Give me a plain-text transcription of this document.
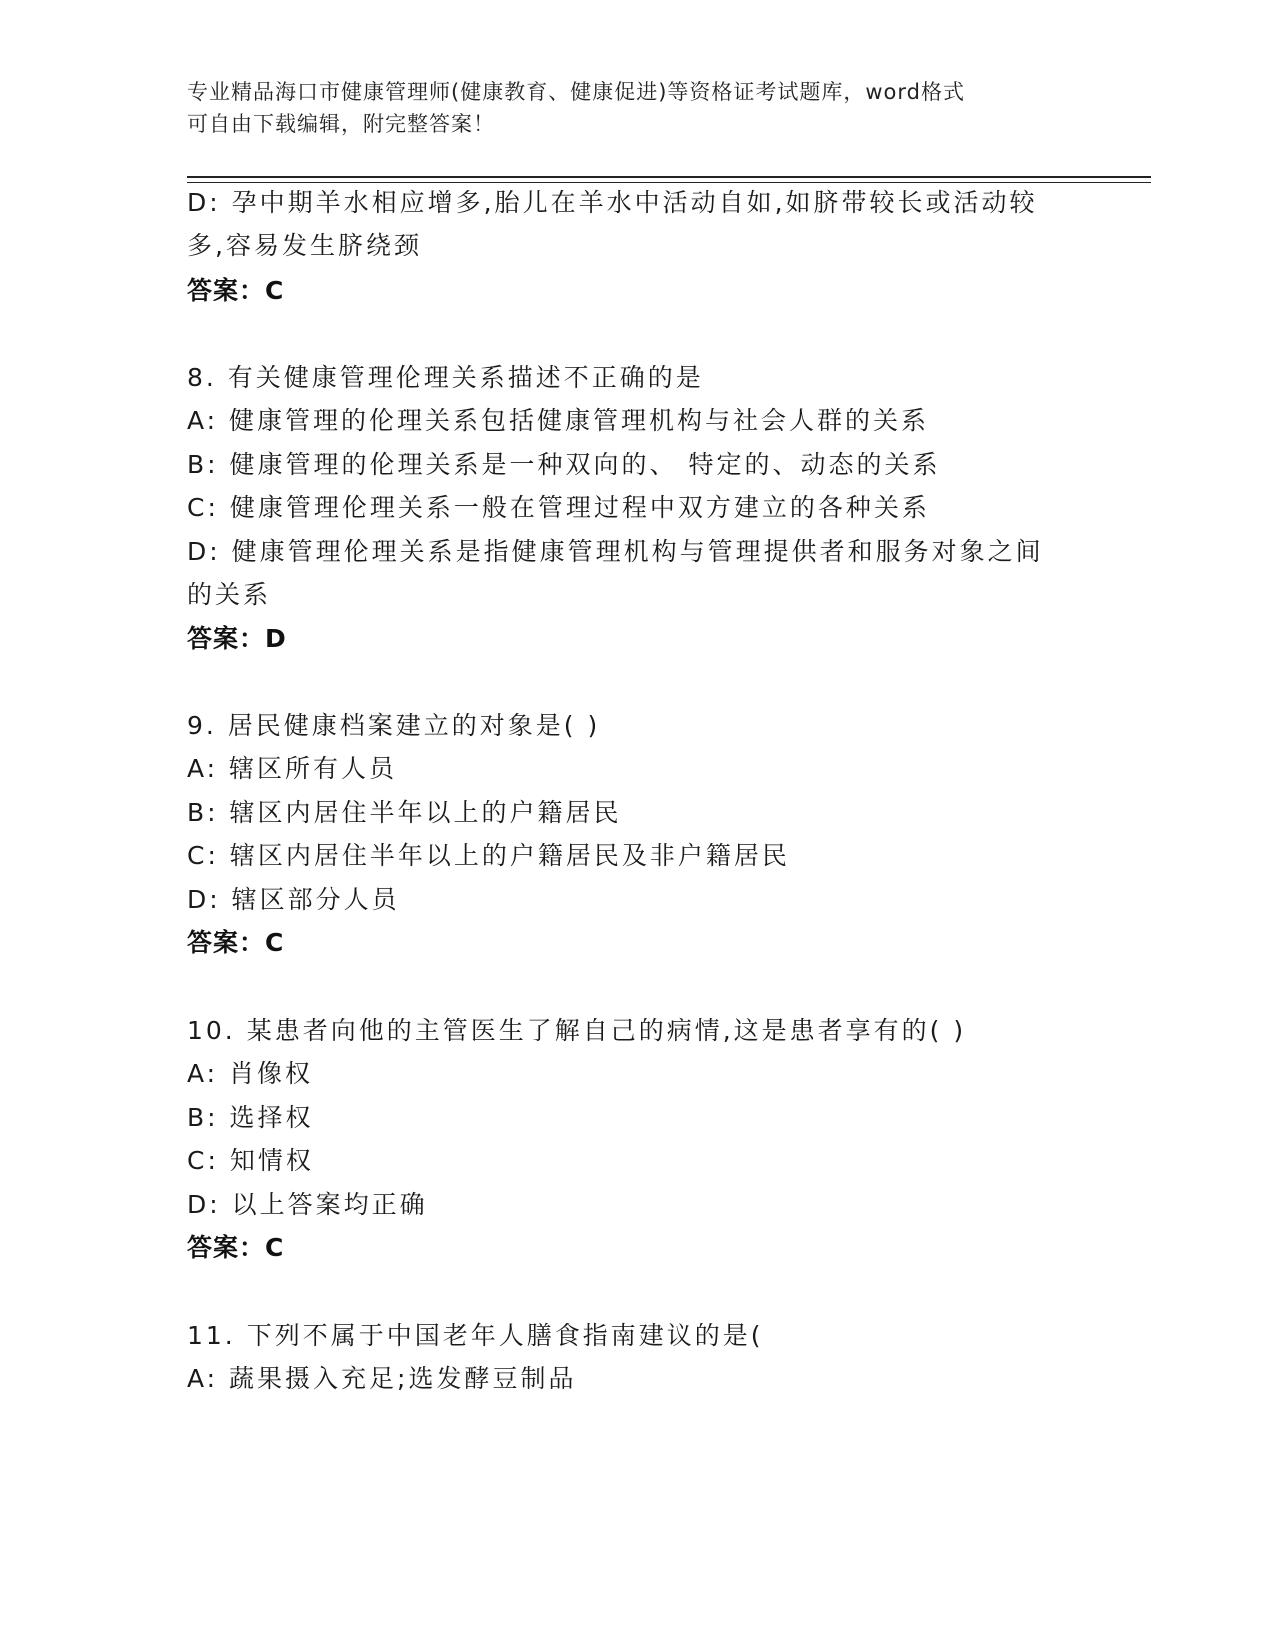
专业精品海口市健康管理师(健康教育、健康促进)等资格证考试题库，word格式
可自由下载编辑，附完整答案！
D: 孕中期羊水相应增多,胎儿在羊水中活动自如,如脐带较长或活动较
多,容易发生脐绕颈
答案：C
8. 有关健康管理伦理关系描述不正确的是
A: 健康管理的伦理关系包括健康管理机构与社会人群的关系
B: 健康管理的伦理关系是一种双向的、 特定的、动态的关系
C: 健康管理伦理关系一般在管理过程中双方建立的各种关系
D: 健康管理伦理关系是指健康管理机构与管理提供者和服务对象之间
的关系
答案：D
9. 居民健康档案建立的对象是( )
A: 辖区所有人员
B: 辖区内居住半年以上的户籍居民
C: 辖区内居住半年以上的户籍居民及非户籍居民
D: 辖区部分人员
答案：C
10. 某患者向他的主管医生了解自己的病情,这是患者享有的( )
A: 肖像权
B: 选择权
C: 知情权
D: 以上答案均正确
答案：C
11. 下列不属于中国老年人膳食指南建议的是(
A: 蔬果摄入充足;选发酵豆制品
